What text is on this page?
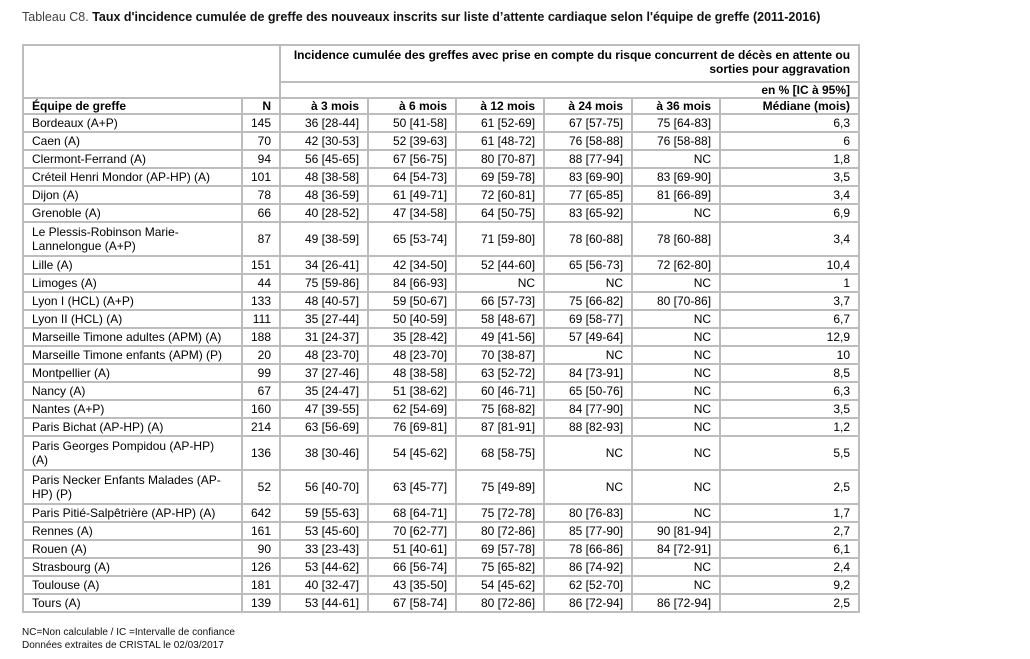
Tableau C8. Taux d'incidence cumulée de greffe des nouveaux inscrits sur liste d’attente cardiaque selon l'équipe de greffe (2011-2016)
		Incidence cumulée des greffes avec prise en compte du risque concurrent de décès en attente ou sorties pour aggravation					
		en % [IC à 95%]					
Équipe de greffe	N	à 3 mois	à 6 mois	à 12 mois	à 24 mois	à 36 mois	Médiane (mois)
Bordeaux (A+P)	145	36 [28-44]	50 [41-58]	61 [52-69]	67 [57-75]	75 [64-83]	6,3
Caen (A)	70	42 [30-53]	52 [39-63]	61 [48-72]	76 [58-88]	76 [58-88]	6
Clermont-Ferrand (A)	94	56 [45-65]	67 [56-75]	80 [70-87]	88 [77-94]	NC	1,8
Créteil Henri Mondor (AP-HP) (A)	101	48 [38-58]	64 [54-73]	69 [59-78]	83 [69-90]	83 [69-90]	3,5
Dijon (A)	78	48 [36-59]	61 [49-71]	72 [60-81]	77 [65-85]	81 [66-89]	3,4
Grenoble (A)	66	40 [28-52]	47 [34-58]	64 [50-75]	83 [65-92]	NC	6,9
Le Plessis-Robinson Marie-Lannelongue (A+P)	87	49 [38-59]	65 [53-74]	71 [59-80]	78 [60-88]	78 [60-88]	3,4
Lille (A)	151	34 [26-41]	42 [34-50]	52 [44-60]	65 [56-73]	72 [62-80]	10,4
Limoges (A)	44	75 [59-86]	84 [66-93]	NC	NC	NC	1
Lyon I (HCL) (A+P)	133	48 [40-57]	59 [50-67]	66 [57-73]	75 [66-82]	80 [70-86]	3,7
Lyon II (HCL) (A)	111	35 [27-44]	50 [40-59]	58 [48-67]	69 [58-77]	NC	6,7
Marseille Timone adultes (APM) (A)	188	31 [24-37]	35 [28-42]	49 [41-56]	57 [49-64]	NC	12,9
Marseille Timone enfants (APM) (P)	20	48 [23-70]	48 [23-70]	70 [38-87]	NC	NC	10
Montpellier (A)	99	37 [27-46]	48 [38-58]	63 [52-72]	84 [73-91]	NC	8,5
Nancy (A)	67	35 [24-47]	51 [38-62]	60 [46-71]	65 [50-76]	NC	6,3
Nantes (A+P)	160	47 [39-55]	62 [54-69]	75 [68-82]	84 [77-90]	NC	3,5
Paris Bichat (AP-HP) (A)	214	63 [56-69]	76 [69-81]	87 [81-91]	88 [82-93]	NC	1,2
Paris Georges Pompidou (AP-HP) (A)	136	38 [30-46]	54 [45-62]	68 [58-75]	NC	NC	5,5
Paris Necker Enfants Malades (AP-HP) (P)	52	56 [40-70]	63 [45-77]	75 [49-89]	NC	NC	2,5
Paris Pitié-Salpêtrière (AP-HP) (A)	642	59 [55-63]	68 [64-71]	75 [72-78]	80 [76-83]	NC	1,7
Rennes (A)	161	53 [45-60]	70 [62-77]	80 [72-86]	85 [77-90]	90 [81-94]	2,7
Rouen (A)	90	33 [23-43]	51 [40-61]	69 [57-78]	78 [66-86]	84 [72-91]	6,1
Strasbourg (A)	126	53 [44-62]	66 [56-74]	75 [65-82]	86 [74-92]	NC	2,4
Toulouse (A)	181	40 [32-47]	43 [35-50]	54 [45-62]	62 [52-70]	NC	9,2
Tours (A)	139	53 [44-61]	67 [58-74]	80 [72-86]	86 [72-94]	86 [72-94]	2,5
NC=Non calculable / IC =Intervalle de confiance
Données extraites de CRISTAL le 02/03/2017
